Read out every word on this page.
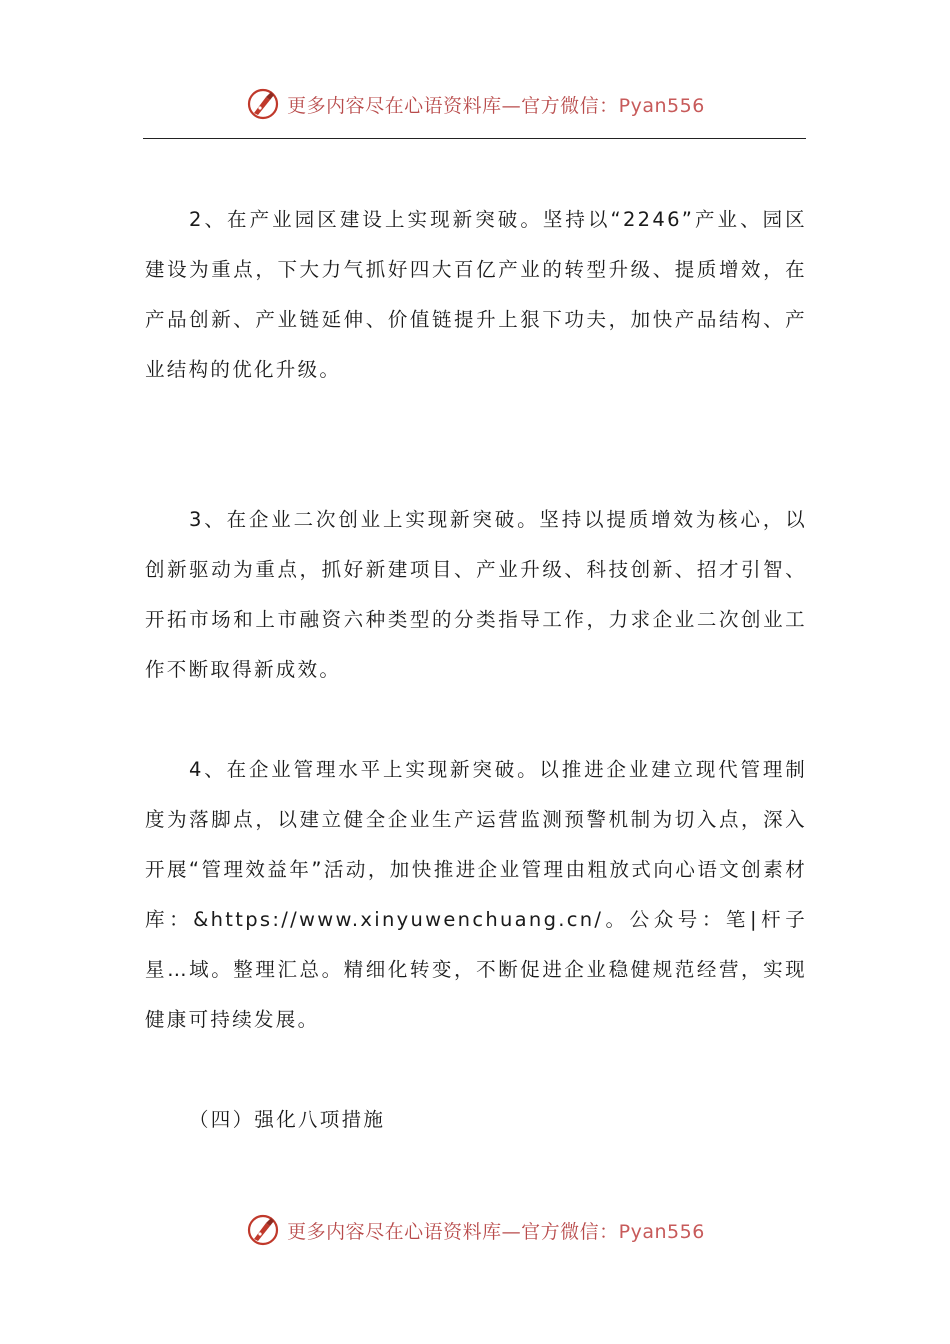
更多内容尽在心语资料库—官方微信：Pyan556

2、在产业园区建设上实现新突破。坚持以“2246”产业、园区建设为重点，下大力气抓好四大百亿产业的转型升级、提质增效，在产品创新、产业链延伸、价值链提升上狠下功夫，加快产品结构、产业结构的优化升级。

3、在企业二次创业上实现新突破。坚持以提质增效为核心，以创新驱动为重点，抓好新建项目、产业升级、科技创新、招才引智、开拓市场和上市融资六种类型的分类指导工作，力求企业二次创业工作不断取得新成效。

4、在企业管理水平上实现新突破。以推进企业建立现代管理制度为落脚点，以建立健全企业生产运营监测预警机制为切入点，深入开展“管理效益年”活动，加快推进企业管理由粗放式向心语文创素材库：&https://www.xinyuwenchuang.cn/。公众号：笔|杆子星…域。整理汇总。精细化转变，不断促进企业稳健规范经营，实现健康可持续发展。

（四）强化八项措施

更多内容尽在心语资料库—官方微信：Pyan556
